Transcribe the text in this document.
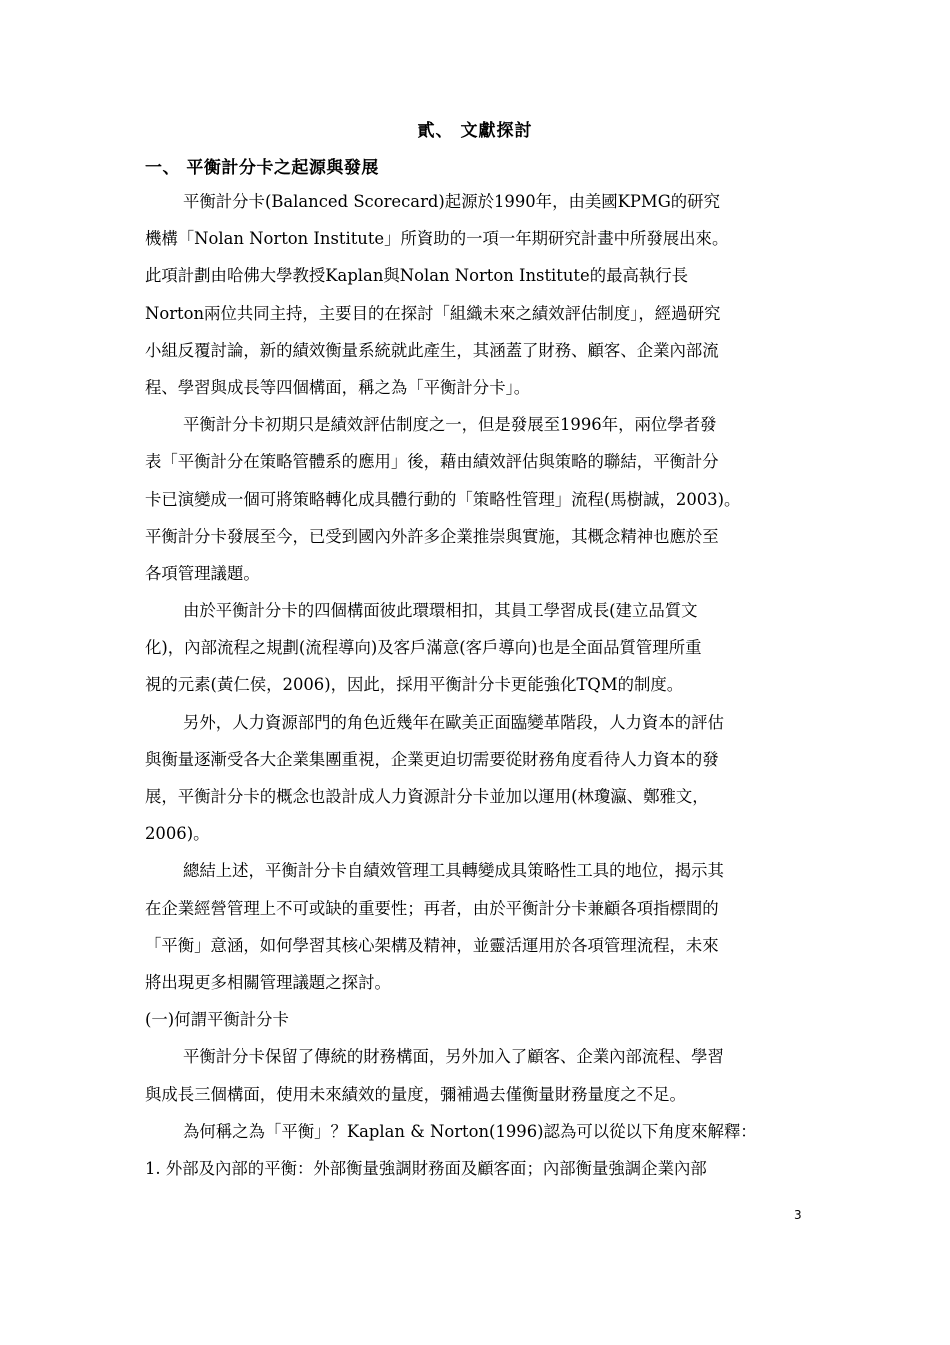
貳、 文獻探討
一、 平衡計分卡之起源與發展
平衡計分卡(Balanced Scorecard)起源於1990年，由美國KPMG的研究
機構「Nolan Norton Institute」所資助的一項一年期研究計畫中所發展出來。
此項計劃由哈佛大學教授Kaplan與Nolan Norton Institute的最高執行長
Norton兩位共同主持，主要目的在探討「組織未來之績效評估制度」，經過研究
小組反覆討論，新的績效衡量系統就此產生，其涵蓋了財務、顧客、企業內部流
程、學習與成長等四個構面，稱之為「平衡計分卡」。
平衡計分卡初期只是績效評估制度之一，但是發展至1996年，兩位學者發
表「平衡計分在策略管體系的應用」後，藉由績效評估與策略的聯結，平衡計分
卡已演變成一個可將策略轉化成具體行動的「策略性管理」流程(馬樹誠，2003)。
平衡計分卡發展至今，已受到國內外許多企業推崇與實施，其概念精神也應於至
各項管理議題。
由於平衡計分卡的四個構面彼此環環相扣，其員工學習成長(建立品質文
化)，內部流程之規劃(流程導向)及客戶滿意(客戶導向)也是全面品質管理所重
視的元素(黃仁侯，2006)，因此，採用平衡計分卡更能強化TQM的制度。
另外，人力資源部門的角色近幾年在歐美正面臨變革階段，人力資本的評估
與衡量逐漸受各大企業集團重視，企業更迫切需要從財務角度看待人力資本的發
展，平衡計分卡的概念也設計成人力資源計分卡並加以運用(林瓊瀛、鄭雅文，
2006)。
總結上述，平衡計分卡自績效管理工具轉變成具策略性工具的地位，揭示其
在企業經營管理上不可或缺的重要性；再者，由於平衡計分卡兼顧各項指標間的
「平衡」意涵，如何學習其核心架構及精神，並靈活運用於各項管理流程，未來
將出現更多相關管理議題之探討。
(一)何謂平衡計分卡
平衡計分卡保留了傳統的財務構面，另外加入了顧客、企業內部流程、學習
與成長三個構面，使用未來績效的量度，彌補過去僅衡量財務量度之不足。
為何稱之為「平衡」？Kaplan & Norton(1996)認為可以從以下角度來解釋：
1. 外部及內部的平衡：外部衡量強調財務面及顧客面；內部衡量強調企業內部
3
